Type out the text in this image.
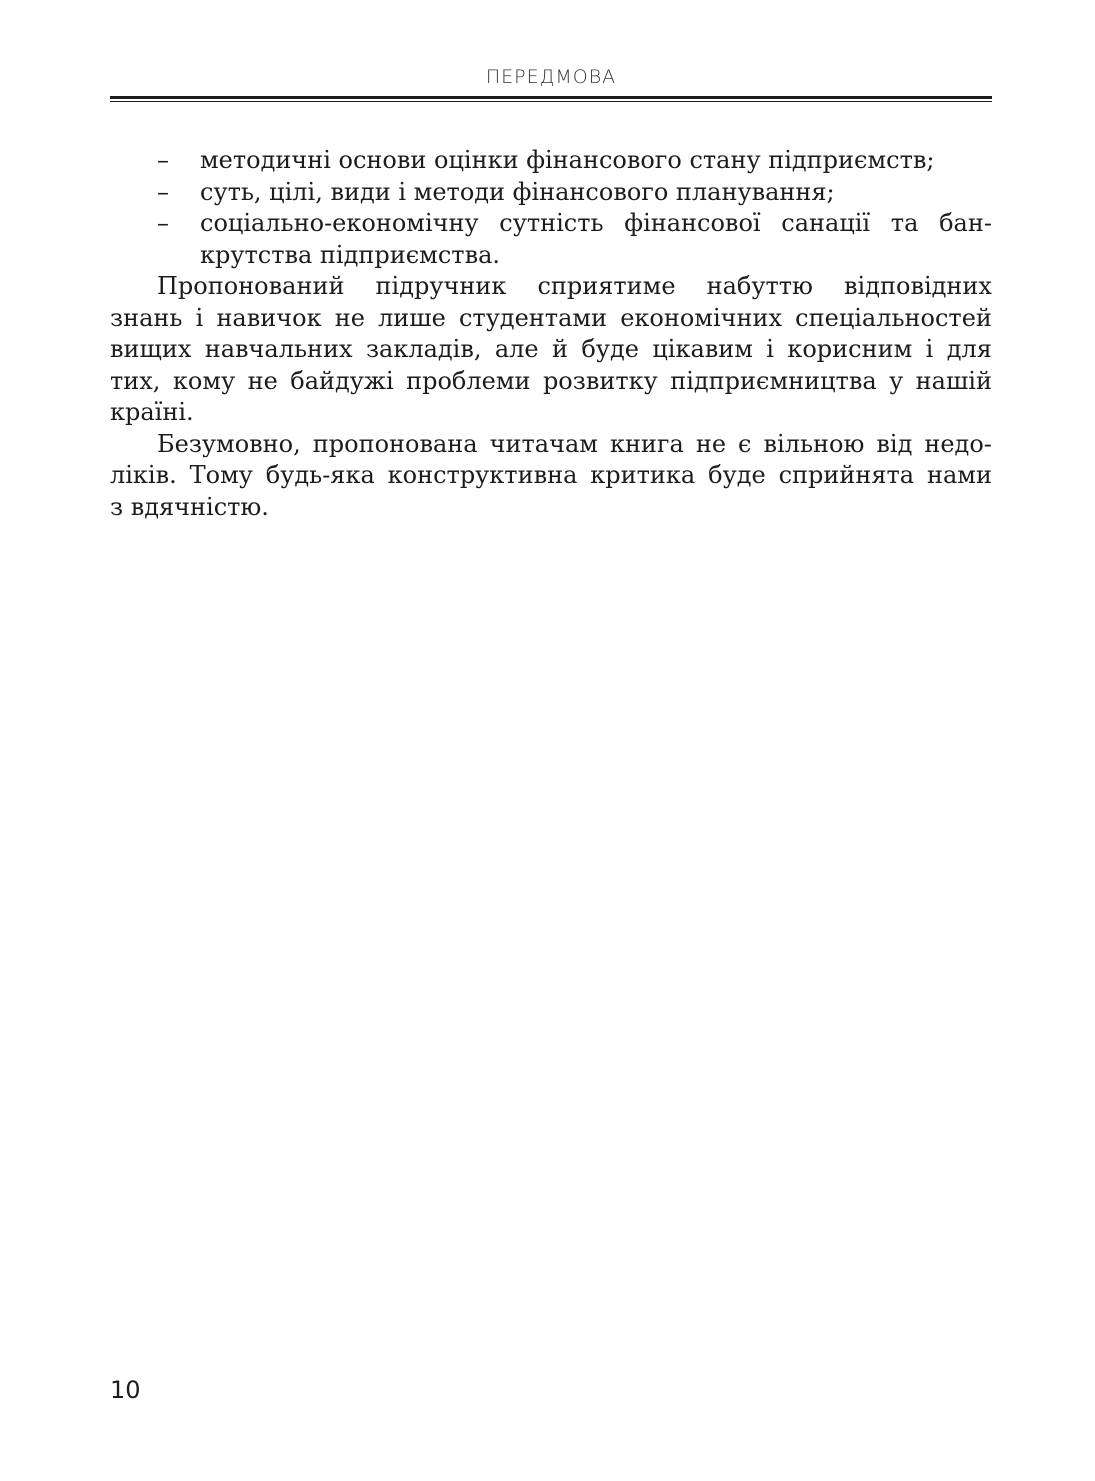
ПЕРЕДМОВА
– методичні основи оцінки фінансового стану підприємств;
– суть, цілі, види і методи фінансового планування;
– соціально-економічну сутність фінансової санації та бан-
крутства підприємства.
Пропонований підручник сприятиме набуттю відповідних
знань і навичок не лише студентами економічних спеціальностей
вищих навчальних закладів, але й буде цікавим і корисним і для
тих, кому не байдужі проблеми розвитку підприємництва у нашій
країні.
Безумовно, пропонована читачам книга не є вільною від недо-
ліків. Тому будь-яка конструктивна критика буде сприйнята нами
з вдячністю.
10
